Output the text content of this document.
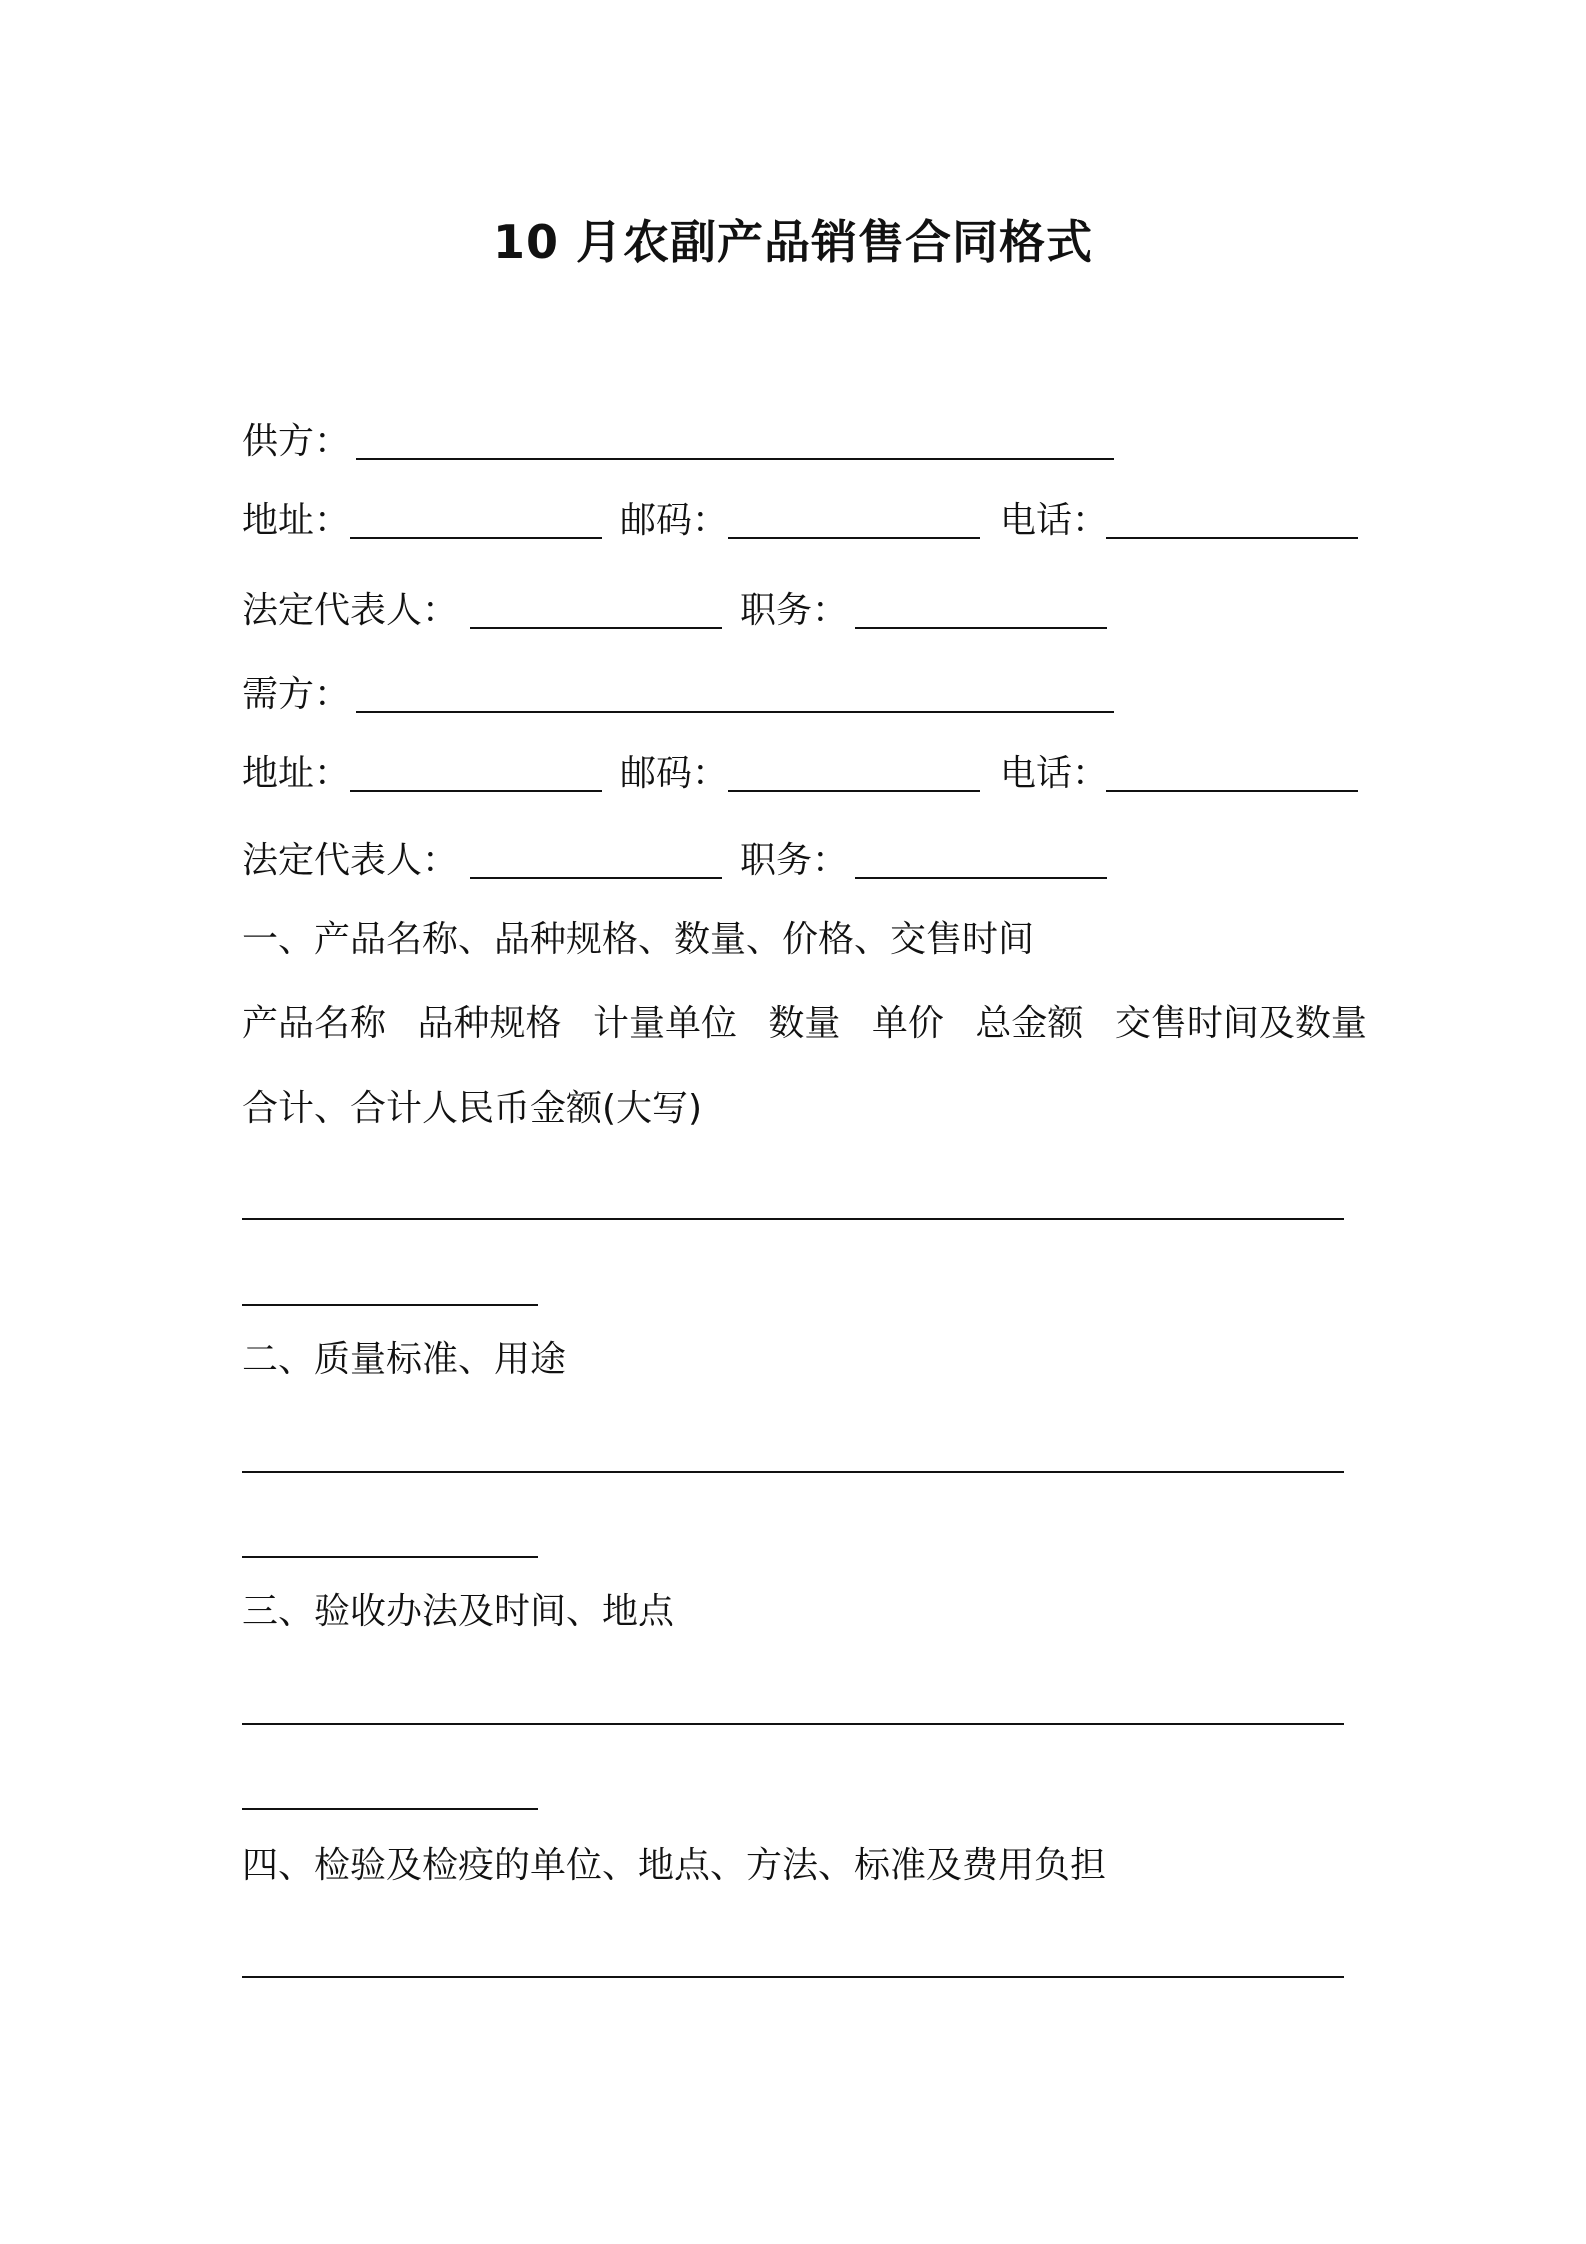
10 月农副产品销售合同格式
供方：
地址：	邮码：	电话：
法定代表人：	职务：
需方：
地址：	邮码：	电话：
法定代表人：	职务：
一、产品名称、品种规格、数量、价格、交售时间
产品名称 品种规格 计量单位 数量 单价 总金额 交售时间及数量
合计、合计人民币金额(大写)
二、质量标准、用途
三、验收办法及时间、地点
四、检验及检疫的单位、地点、方法、标准及费用负担
